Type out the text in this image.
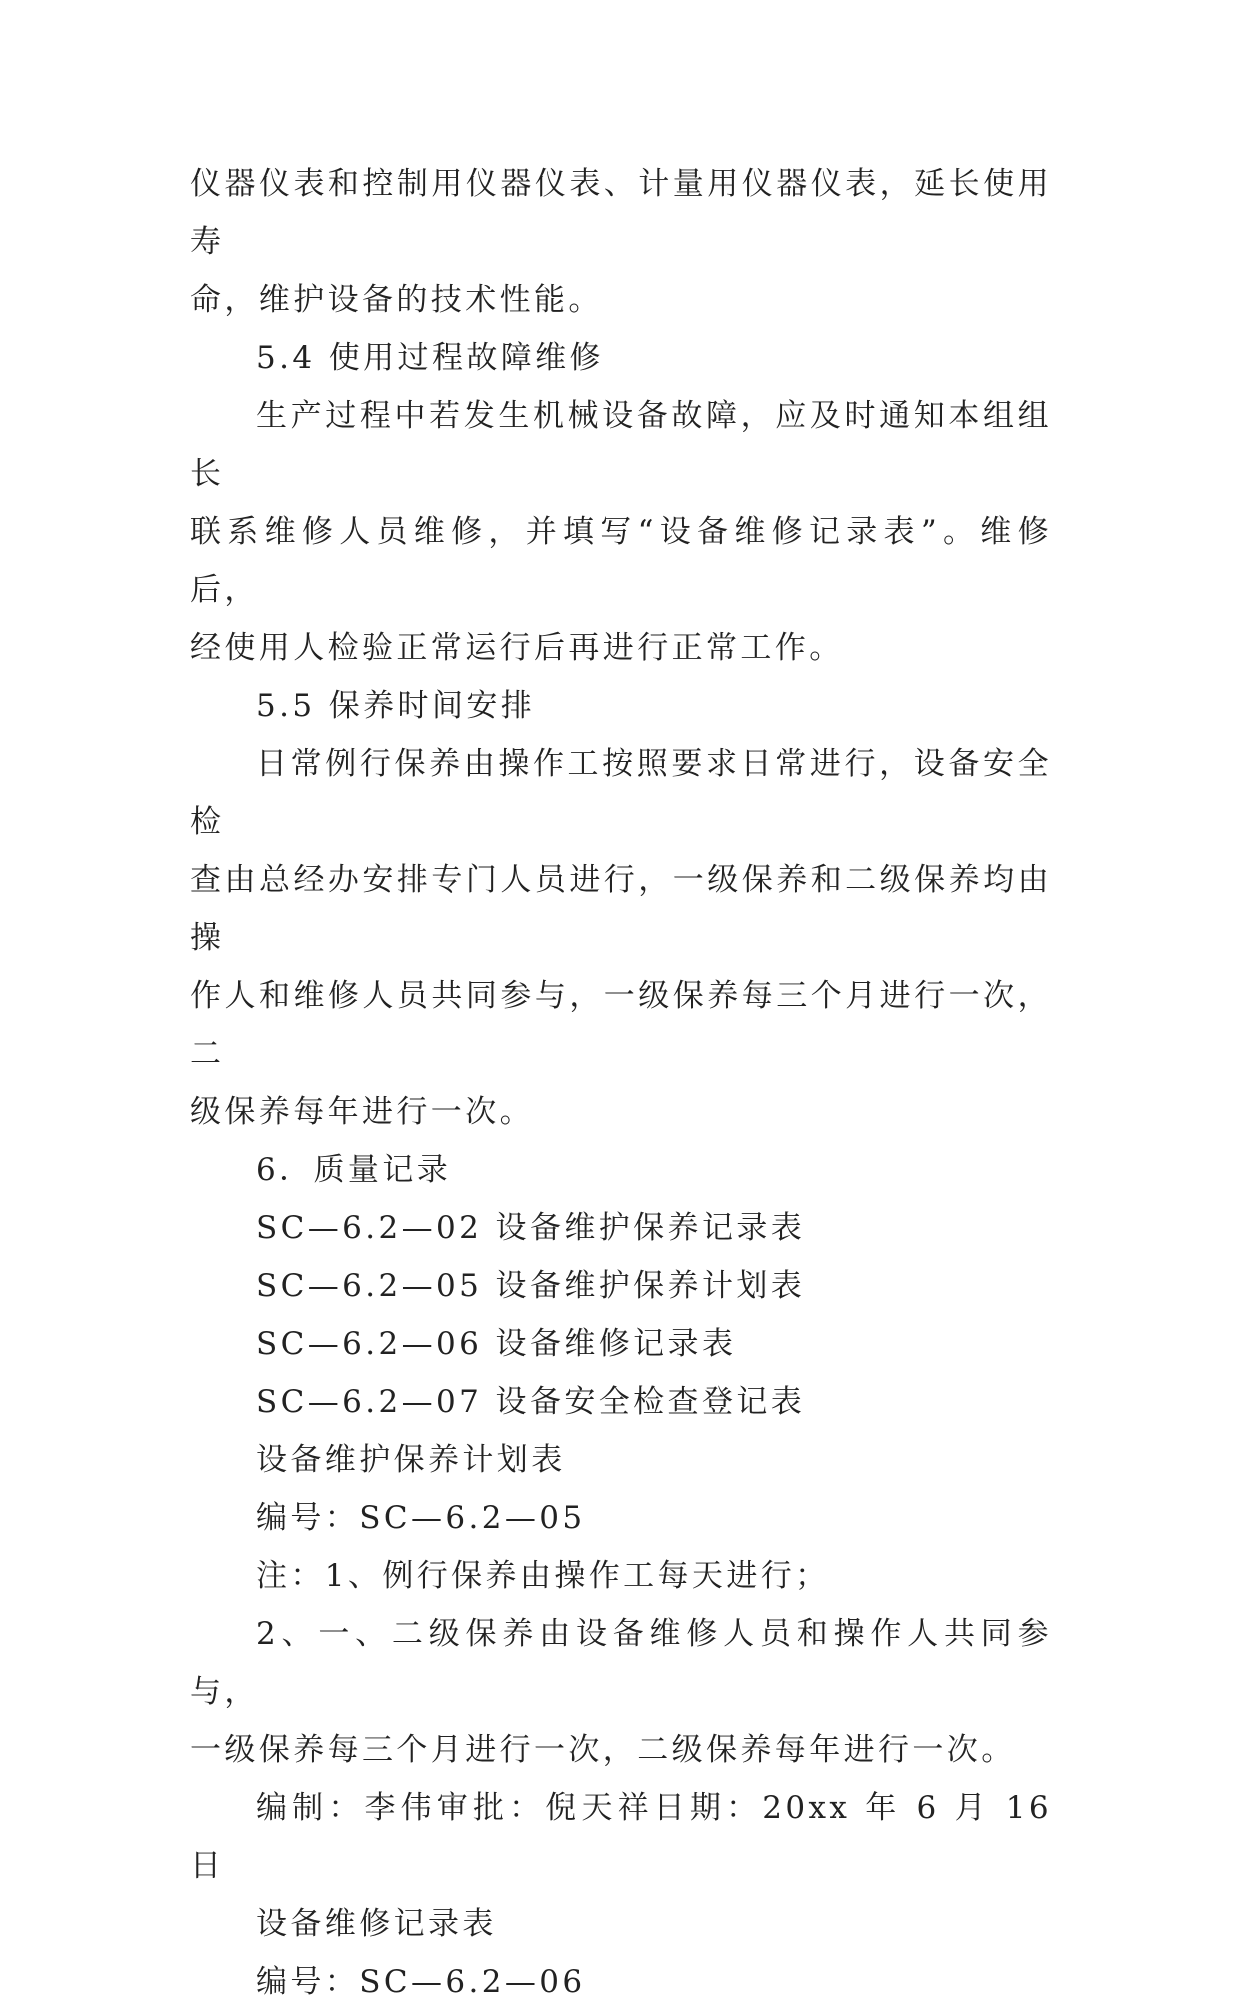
仪器仪表和控制用仪器仪表、计量用仪器仪表，延长使用寿
命，维护设备的技术性能。

5.4 使用过程故障维修

生产过程中若发生机械设备故障，应及时通知本组组长
联系维修人员维修，并填写“设备维修记录表”。维修后，
经使用人检验正常运行后再进行正常工作。

5.5 保养时间安排

日常例行保养由操作工按照要求日常进行，设备安全检
查由总经办安排专门人员进行，一级保养和二级保养均由操
作人和维修人员共同参与，一级保养每三个月进行一次，二
级保养每年进行一次。

6．质量记录

SC—6.2—02 设备维护保养记录表

SC—6.2—05 设备维护保养计划表

SC—6.2—06 设备维修记录表

SC—6.2—07 设备安全检查登记表

设备维护保养计划表

编号：SC—6.2—05

注：1、例行保养由操作工每天进行；

2、一、二级保养由设备维修人员和操作人共同参与，
一级保养每三个月进行一次，二级保养每年进行一次。

编制：李伟审批：倪天祥日期：20xx 年 6 月 16 日

设备维修记录表

编号：SC—6.2—06
